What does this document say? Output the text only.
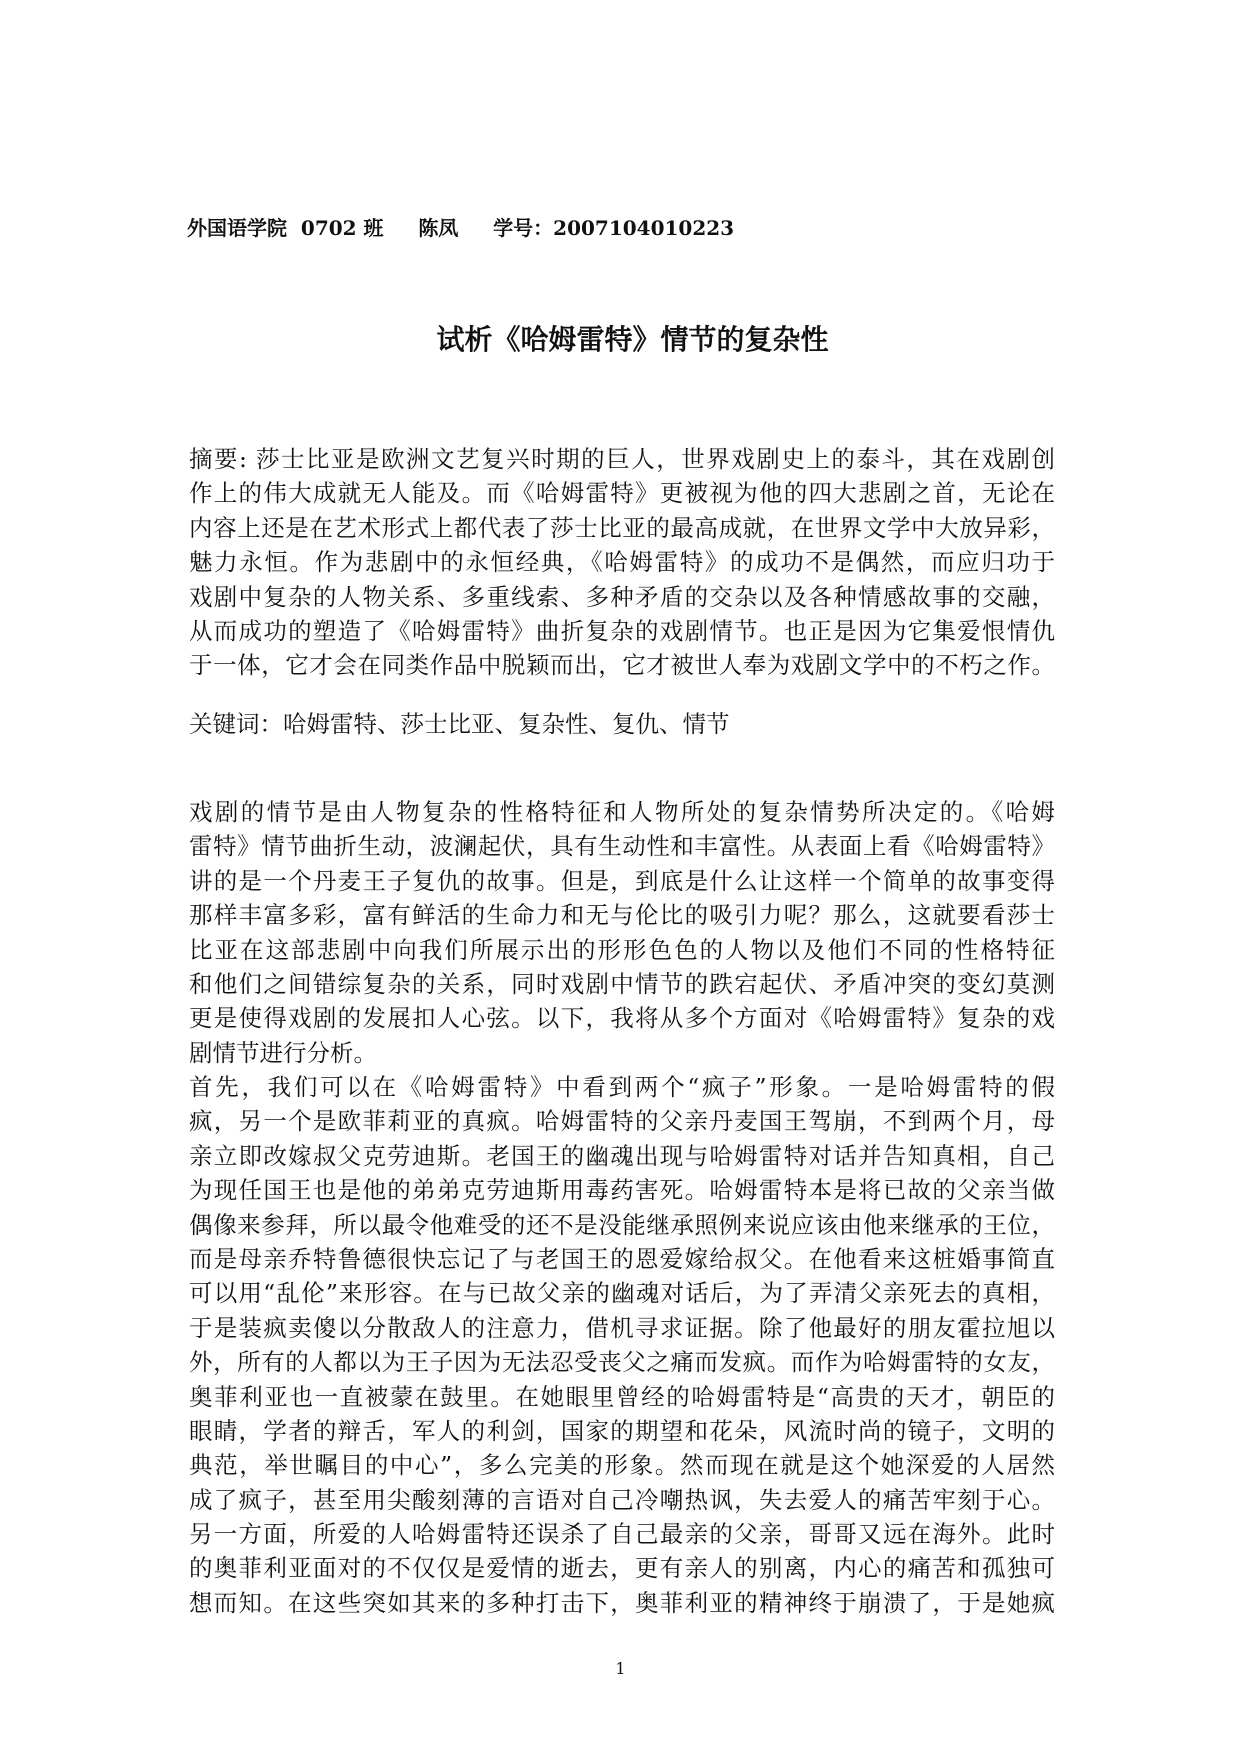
外国语学院  0702 班     陈凤     学号：2007104010223
试析《哈姆雷特》情节的复杂性
摘要: 莎士比亚是欧洲文艺复兴时期的巨人，世界戏剧史上的泰斗，其在戏剧创
作上的伟大成就无人能及。而《哈姆雷特》更被视为他的四大悲剧之首，无论在
内容上还是在艺术形式上都代表了莎士比亚的最高成就，在世界文学中大放异彩，
魅力永恒。作为悲剧中的永恒经典，《哈姆雷特》的成功不是偶然，而应归功于
戏剧中复杂的人物关系、多重线索、多种矛盾的交杂以及各种情感故事的交融，
从而成功的塑造了《哈姆雷特》曲折复杂的戏剧情节。也正是因为它集爱恨情仇
于一体，它才会在同类作品中脱颖而出，它才被世人奉为戏剧文学中的不朽之作。
关键词：哈姆雷特、莎士比亚、复杂性、复仇、情节
戏剧的情节是由人物复杂的性格特征和人物所处的复杂情势所决定的。《哈姆
雷特》情节曲折生动，波澜起伏，具有生动性和丰富性。从表面上看《哈姆雷特》
讲的是一个丹麦王子复仇的故事。但是，到底是什么让这样一个简单的故事变得
那样丰富多彩，富有鲜活的生命力和无与伦比的吸引力呢？那么，这就要看莎士
比亚在这部悲剧中向我们所展示出的形形色色的人物以及他们不同的性格特征
和他们之间错综复杂的关系，同时戏剧中情节的跌宕起伏、矛盾冲突的变幻莫测
更是使得戏剧的发展扣人心弦。以下，我将从多个方面对《哈姆雷特》复杂的戏
剧情节进行分析。
首先，我们可以在《哈姆雷特》中看到两个“疯子”形象。一是哈姆雷特的假
疯，另一个是欧菲莉亚的真疯。哈姆雷特的父亲丹麦国王驾崩，不到两个月，母
亲立即改嫁叔父克劳迪斯。老国王的幽魂出现与哈姆雷特对话并告知真相，自己
为现任国王也是他的弟弟克劳迪斯用毒药害死。哈姆雷特本是将已故的父亲当做
偶像来参拜，所以最令他难受的还不是没能继承照例来说应该由他来继承的王位，
而是母亲乔特鲁德很快忘记了与老国王的恩爱嫁给叔父。在他看来这桩婚事简直
可以用“乱伦”来形容。在与已故父亲的幽魂对话后，为了弄清父亲死去的真相，
于是装疯卖傻以分散敌人的注意力，借机寻求证据。除了他最好的朋友霍拉旭以
外，所有的人都以为王子因为无法忍受丧父之痛而发疯。而作为哈姆雷特的女友，
奥菲利亚也一直被蒙在鼓里。在她眼里曾经的哈姆雷特是“高贵的天才，朝臣的
眼睛，学者的辩舌，军人的利剑，国家的期望和花朵，风流时尚的镜子，文明的
典范，举世瞩目的中心”，多么完美的形象。然而现在就是这个她深爱的人居然
成了疯子，甚至用尖酸刻薄的言语对自己冷嘲热讽，失去爱人的痛苦牢刻于心。
另一方面，所爱的人哈姆雷特还误杀了自己最亲的父亲，哥哥又远在海外。此时
的奥菲利亚面对的不仅仅是爱情的逝去，更有亲人的别离，内心的痛苦和孤独可
想而知。在这些突如其来的多种打击下，奥菲利亚的精神终于崩溃了，于是她疯
1
